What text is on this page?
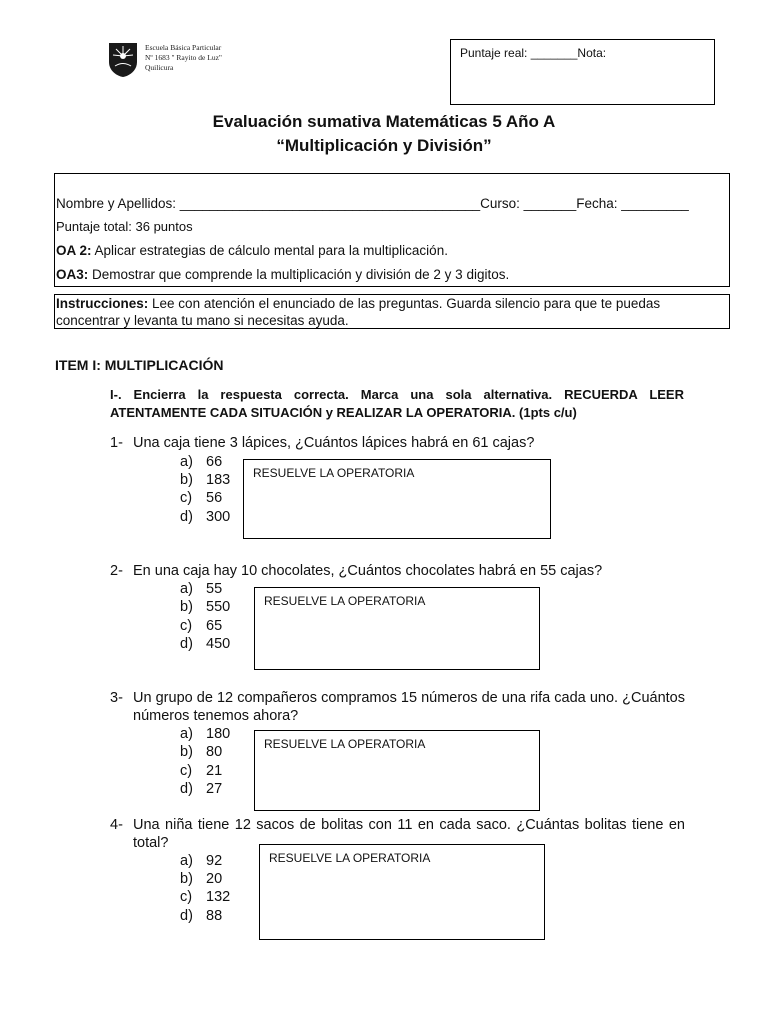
Escuela Básica Particular
Nº 1683 " Rayito de Luz"
Quilicura
Puntaje real: _______Nota:
Evaluación sumativa Matemáticas 5 Año A
“Multiplicación y División”
Nombre y Apellidos: ________________________________________Curso: _______Fecha: _________
Puntaje total: 36 puntos
OA 2: Aplicar estrategias de cálculo mental para la multiplicación.
OA3: Demostrar que comprende la multiplicación y división de 2 y 3 digitos.
Instrucciones: Lee con atención el enunciado de las preguntas. Guarda silencio para que te puedas concentrar y levanta tu mano si necesitas ayuda.
ITEM I: MULTIPLICACIÓN
I-. Encierra la respuesta correcta. Marca una sola alternativa. RECUERDA LEER ATENTAMENTE CADA SITUACIÓN y REALIZAR LA OPERATORIA. (1pts c/u)
1- Una caja tiene 3 lápices, ¿Cuántos lápices habrá en 61 cajas?
a) 66
b) 183
c) 56
d) 300
RESUELVE LA OPERATORIA
2- En una caja hay 10 chocolates, ¿Cuántos chocolates habrá en 55 cajas?
a) 55
b) 550
c) 65
d) 450
RESUELVE LA OPERATORIA
3- Un grupo de 12 compañeros compramos 15 números de una rifa cada uno. ¿Cuántos números tenemos ahora?
a) 180
b) 80
c) 21
d) 27
RESUELVE LA OPERATORIA
4- Una niña tiene 12 sacos de bolitas con 11 en cada saco. ¿Cuántas bolitas tiene en total?
a) 92
b) 20
c) 132
d) 88
RESUELVE LA OPERATORIA
